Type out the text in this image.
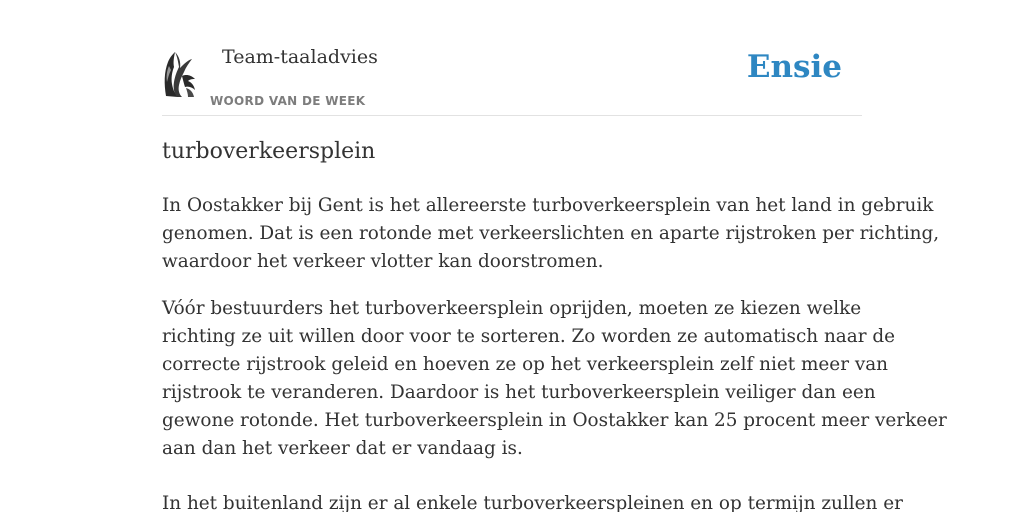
Team-taaladvies
WOORD VAN DE WEEK
Ensie
turboverkeersplein

In Oostakker bij Gent is het allereerste turboverkeersplein van het land in gebruik
genomen. Dat is een rotonde met verkeerslichten en aparte rijstroken per richting,
waardoor het verkeer vlotter kan doorstromen.

Vóór bestuurders het turboverkeersplein oprijden, moeten ze kiezen welke
richting ze uit willen door voor te sorteren. Zo worden ze automatisch naar de
correcte rijstrook geleid en hoeven ze op het verkeersplein zelf niet meer van
rijstrook te veranderen. Daardoor is het turboverkeersplein veiliger dan een
gewone rotonde. Het turboverkeersplein in Oostakker kan 25 procent meer verkeer
aan dan het verkeer dat er vandaag is.

In het buitenland zijn er al enkele turboverkeerspleinen en op termijn zullen er
